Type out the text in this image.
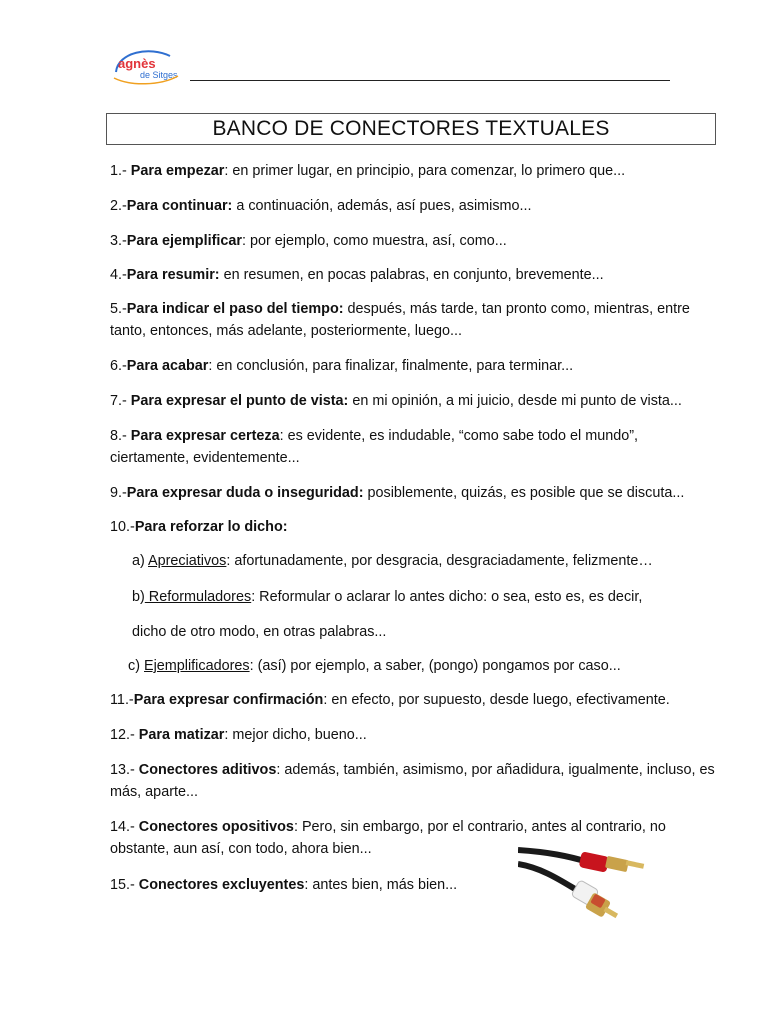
agnès
de Sitges
BANCO DE CONECTORES TEXTUALES
1.- Para empezar: en primer lugar, en principio, para comenzar, lo primero que...
2.-Para continuar: a continuación, además, así pues, asimismo...
3.-Para ejemplificar: por ejemplo, como muestra, así, como...
4.-Para resumir: en resumen, en pocas palabras, en conjunto, brevemente...
5.-Para indicar el paso del tiempo: después, más tarde, tan pronto como, mientras, entre tanto, entonces, más adelante, posteriormente, luego...
6.-Para acabar: en conclusión, para finalizar, finalmente, para terminar...
7.- Para expresar el punto de vista: en mi opinión, a mi juicio, desde mi punto de vista...
8.- Para expresar certeza: es evidente, es indudable, “como sabe todo el mundo”, ciertamente, evidentemente...
9.-Para expresar duda o inseguridad: posiblemente, quizás, es posible que se discuta...
10.-Para reforzar lo dicho:
a) Apreciativos: afortunadamente, por desgracia, desgraciadamente, felizmente…
b) Reformuladores: Reformular o aclarar lo antes dicho: o sea, esto es, es decir,
dicho de otro modo, en otras palabras...
c) Ejemplificadores: (así) por ejemplo, a saber, (pongo) pongamos por caso...
11.-Para expresar confirmación: en efecto, por supuesto, desde luego, efectivamente.
12.- Para matizar: mejor dicho, bueno...
13.- Conectores aditivos: además, también, asimismo, por añadidura, igualmente, incluso, es más, aparte...
14.- Conectores opositivos: Pero, sin embargo, por el contrario, antes al contrario, no obstante, aun así, con todo, ahora bien...
15.- Conectores excluyentes: antes bien, más bien...
